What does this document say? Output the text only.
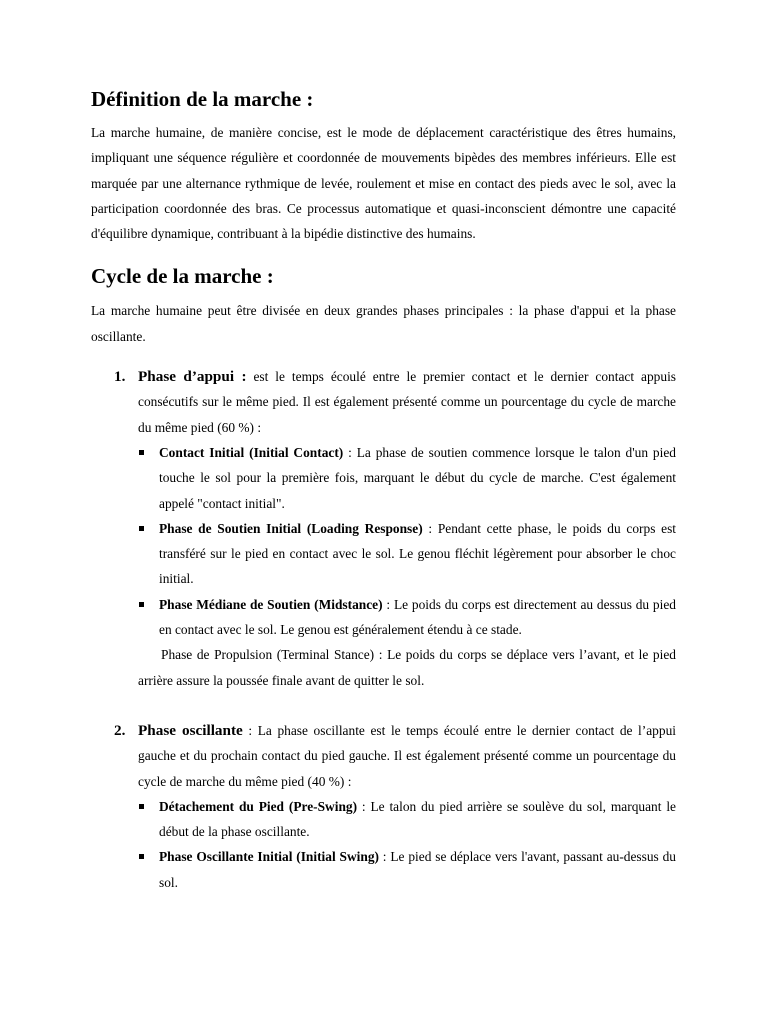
Définition de la marche :

La marche humaine, de manière concise, est le mode de déplacement caractéristique des êtres humains, impliquant une séquence régulière et coordonnée de mouvements bipèdes des membres inférieurs. Elle est marquée par une alternance rythmique de levée, roulement et mise en contact des pieds avec le sol, avec la participation coordonnée des bras. Ce processus automatique et quasi-inconscient démontre une capacité d'équilibre dynamique, contribuant à la bipédie distinctive des humains.

Cycle de la marche :

La marche humaine peut être divisée en deux grandes phases principales : la phase d'appui et la phase oscillante.

1. Phase d’appui : est le temps écoulé entre le premier contact et le dernier contact appuis consécutifs sur le même pied. Il est également présenté comme un pourcentage du cycle de marche du même pied (60 %) :

Contact Initial (Initial Contact) : La phase de soutien commence lorsque le talon d'un pied touche le sol pour la première fois, marquant le début du cycle de marche. C'est également appelé "contact initial".

Phase de Soutien Initial (Loading Response) : Pendant cette phase, le poids du corps est transféré sur le pied en contact avec le sol. Le genou fléchit légèrement pour absorber le choc initial.

Phase Médiane de Soutien (Midstance) : Le poids du corps est directement au dessus du pied en contact avec le sol. Le genou est généralement étendu à ce stade.

Phase de Propulsion (Terminal Stance) : Le poids du corps se déplace vers l’avant, et le pied arrière assure la poussée finale avant de quitter le sol.

2. Phase oscillante : La phase oscillante est le temps écoulé entre le dernier contact de l’appui gauche et du prochain contact du pied gauche. Il est également présenté comme un pourcentage du cycle de marche du même pied (40 %) :

Détachement du Pied (Pre-Swing) : Le talon du pied arrière se soulève du sol, marquant le début de la phase oscillante.

Phase Oscillante Initial (Initial Swing) : Le pied se déplace vers l'avant, passant au-dessus du sol.
